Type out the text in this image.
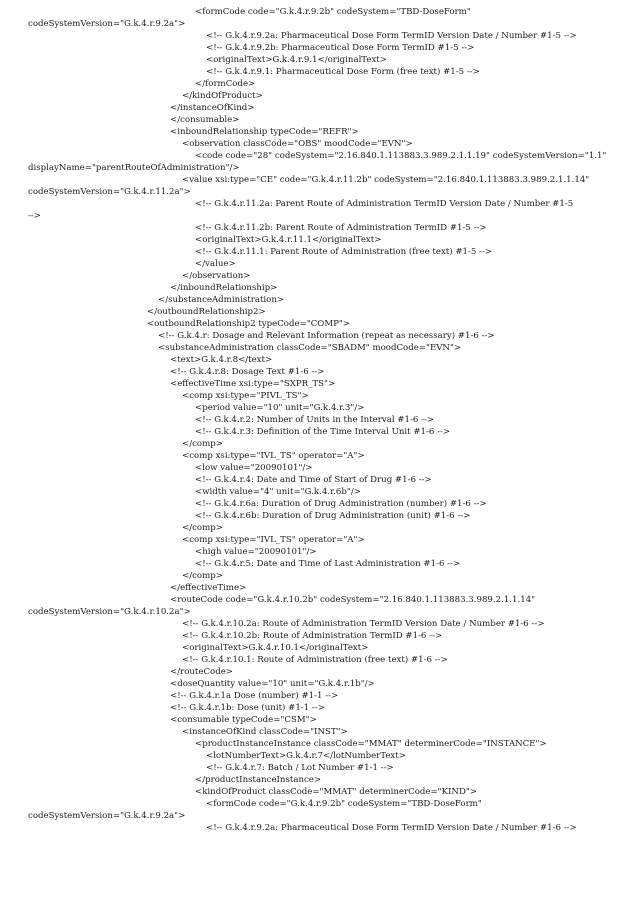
<formCode code="G.k.4.r.9.2b" codeSystem="TBD-DoseForm"
codeSystemVersion="G.k.4.r.9.2a">
<!-- G.k.4.r.9.2a: Pharmaceutical Dose Form TermID Version Date / Number #1-5 -->
<!-- G.k.4.r.9.2b: Pharmaceutical Dose Form TermID #1-5 -->
<originalText>G.k.4.r.9.1</originalText>
<!-- G.k.4.r.9.1: Pharmaceutical Dose Form (free text) #1-5 -->
</formCode>
</kindOfProduct>
</instanceOfKind>
</consumable>
<inboundRelationship typeCode="REFR">
<observation classCode="OBS" moodCode="EVN">
<code code="28" codeSystem="2.16.840.1.113883.3.989.2.1.1.19" codeSystemVersion="1.1"
displayName="parentRouteOfAdministration"/>
<value xsi:type="CE" code="G.k.4.r.11.2b" codeSystem="2.16.840.1.113883.3.989.2.1.1.14"
codeSystemVersion="G.k.4.r.11.2a">
<!-- G.k.4.r.11.2a: Parent Route of Administration TermID Version Date / Number #1-5
-->
<!-- G.k.4.r.11.2b: Parent Route of Administration TermID #1-5 -->
<originalText>G.k.4.r.11.1</originalText>
<!-- G.k.4.r.11.1: Parent Route of Administration (free text) #1-5 -->
</value>
</observation>
</inboundRelationship>
</substanceAdministration>
</outboundRelationship2>
<outboundRelationship2 typeCode="COMP">
<!-- G.k.4.r: Dosage and Relevant Information (repeat as necessary) #1-6 -->
<substanceAdministration classCode="SBADM" moodCode="EVN">
<text>G.k.4.r.8</text>
<!-- G.k.4.r.8: Dosage Text #1-6 -->
<effectiveTime xsi:type="SXPR_TS">
<comp xsi:type="PIVL_TS">
<period value="10" unit="G.k.4.r.3"/>
<!-- G.k.4.r.2: Number of Units in the Interval #1-6 -->
<!-- G.k.4.r.3: Definition of the Time Interval Unit #1-6 -->
</comp>
<comp xsi:type="IVL_TS" operator="A">
<low value="20090101"/>
<!-- G.k.4.r.4: Date and Time of Start of Drug #1-6 -->
<width value="4" unit="G.k.4.r.6b"/>
<!-- G.k.4.r.6a: Duration of Drug Administration (number) #1-6 -->
<!-- G.k.4.r.6b: Duration of Drug Administration (unit) #1-6 -->
</comp>
<comp xsi:type="IVL_TS" operator="A">
<high value="20090101"/>
<!-- G.k.4.r.5: Date and Time of Last Administration #1-6 -->
</comp>
</effectiveTime>
<routeCode code="G.k.4.r.10.2b" codeSystem="2.16.840.1.113883.3.989.2.1.1.14"
codeSystemVersion="G.k.4.r.10.2a">
<!-- G.k.4.r.10.2a: Route of Administration TermID Version Date / Number #1-6 -->
<!-- G.k.4.r.10.2b: Route of Administration TermID #1-6 -->
<originalText>G.k.4.r.10.1</originalText>
<!-- G.k.4.r.10.1: Route of Administration (free text) #1-6 -->
</routeCode>
<doseQuantity value="10" unit="G.k.4.r.1b"/>
<!-- G.k.4.r.1a Dose (number) #1-1 -->
<!-- G.k.4.r.1b: Dose (unit) #1-1 -->
<consumable typeCode="CSM">
<instanceOfKind classCode="INST">
<productInstanceInstance classCode="MMAT" determinerCode="INSTANCE">
<lotNumberText>G.k.4.r.7</lotNumberText>
<!-- G.k.4.r.7: Batch / Lot Number #1-1 -->
</productInstanceInstance>
<kindOfProduct classCode="MMAT" determinerCode="KIND">
<formCode code="G.k.4.r.9.2b" codeSystem="TBD-DoseForm"
codeSystemVersion="G.k.4.r.9.2a">
<!-- G.k.4.r.9.2a: Pharmaceutical Dose Form TermID Version Date / Number #1-6 -->
